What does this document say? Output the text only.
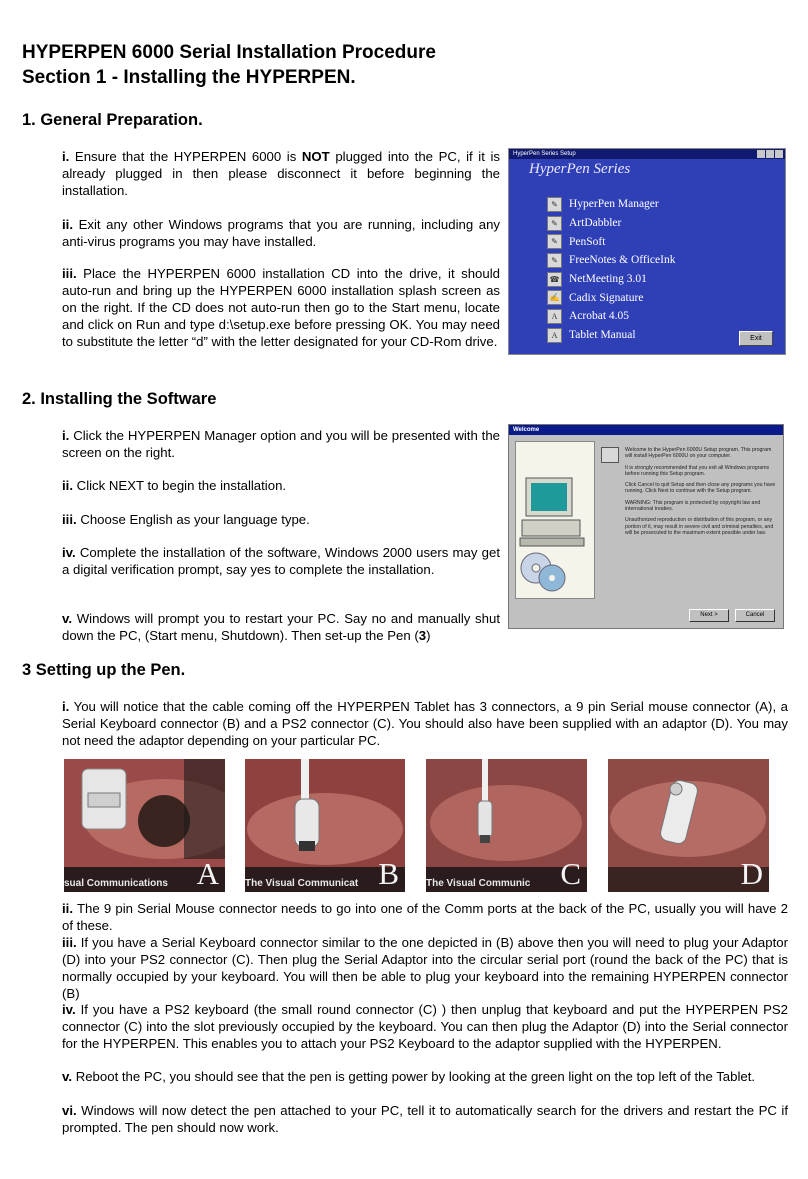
HYPERPEN 6000 Serial Installation Procedure
Section 1 - Installing the HYPERPEN.
1. General Preparation.
i. Ensure that the HYPERPEN 6000 is NOT plugged into the PC, if it is already plugged in then please disconnect it before beginning the installation.
ii. Exit any other Windows programs that you are running, including any anti-virus programs you may have installed.
iii. Place the HYPERPEN 6000 installation CD into the drive, it should auto-run and bring up the HYPERPEN 6000 installation splash screen as on the right. If the CD does not auto-run then go to the Start menu, locate and click on Run and type d:\setup.exe before pressing OK. You may need to substitute the letter “d” with the letter designated for your CD-Rom drive.
HyperPen Series Setup
HyperPen Series
✎ HyperPen Manager
✎ ArtDabbler
✎ PenSoft
✎ FreeNotes & OfficeInk
☎ NetMeeting 3.01
✍ Cadix Signature
A	Acrobat 4.05
A	Tablet Manual	Exit
2. Installing the Software
i. Click the HYPERPEN Manager option and you will be presented with the screen on the right.
ii. Click NEXT to begin the installation.
iii. Choose English as your language type.
iv. Complete the installation of the software, Windows 2000 users may get a digital verification prompt, say yes to complete the installation.
v. Windows will prompt you to restart your PC. Say no and manually shut down the PC, (Start menu, Shutdown). Then set-up the Pen (3)
Welcome

Welcome to the HyperPen 6000U Setup program. This program will install HyperPen 6000U on your computer.

It is strongly recommended that you exit all Windows programs before running this Setup program.

Click Cancel to quit Setup and then close any programs you have running. Click Next to continue with the Setup program.

WARNING: This program is protected by copyright law and international treaties.

Unauthorized reproduction or distribution of this program, or any portion of it, may result in severe civil and criminal penalties, and will be prosecuted to the maximum extent possible under law.

Next >	Cancel
3 Setting up the Pen.
i. You will notice that the cable coming off the HYPERPEN Tablet has 3 connectors, a 9 pin Serial mouse connector (A), a Serial Keyboard connector (B) and a PS2 connector (C). You should also have been supplied with an adaptor (D). You may not need the adaptor depending on your particular PC.
sual Communications A	The Visual Communicat B	The Visual Communic C	D
ii. The 9 pin Serial Mouse connector needs to go into one of the Comm ports at the back of the PC, usually you will have 2 of these.
iii. If you have a Serial Keyboard connector similar to the one depicted in (B) above then you will need to plug your Adaptor (D) into your PS2 connector (C). Then plug the Serial Adaptor into the circular serial port (round the back of the PC) that is normally occupied by your keyboard. You will then be able to plug your keyboard into the remaining HYPERPEN connector (B)
iv. If you have a PS2 keyboard (the small round connector (C) ) then unplug that keyboard and put the HYPERPEN PS2 connector (C) into the slot previously occupied by the keyboard. You can then plug the Adaptor (D) into the Serial connector for the HYPERPEN. This enables you to attach your PS2 Keyboard to the adaptor supplied with the HYPERPEN.
v. Reboot the PC, you should see that the pen is getting power by looking at the green light on the top left of the Tablet.
vi. Windows will now detect the pen attached to your PC, tell it to automatically search for the drivers and restart the PC if prompted. The pen should now work.
